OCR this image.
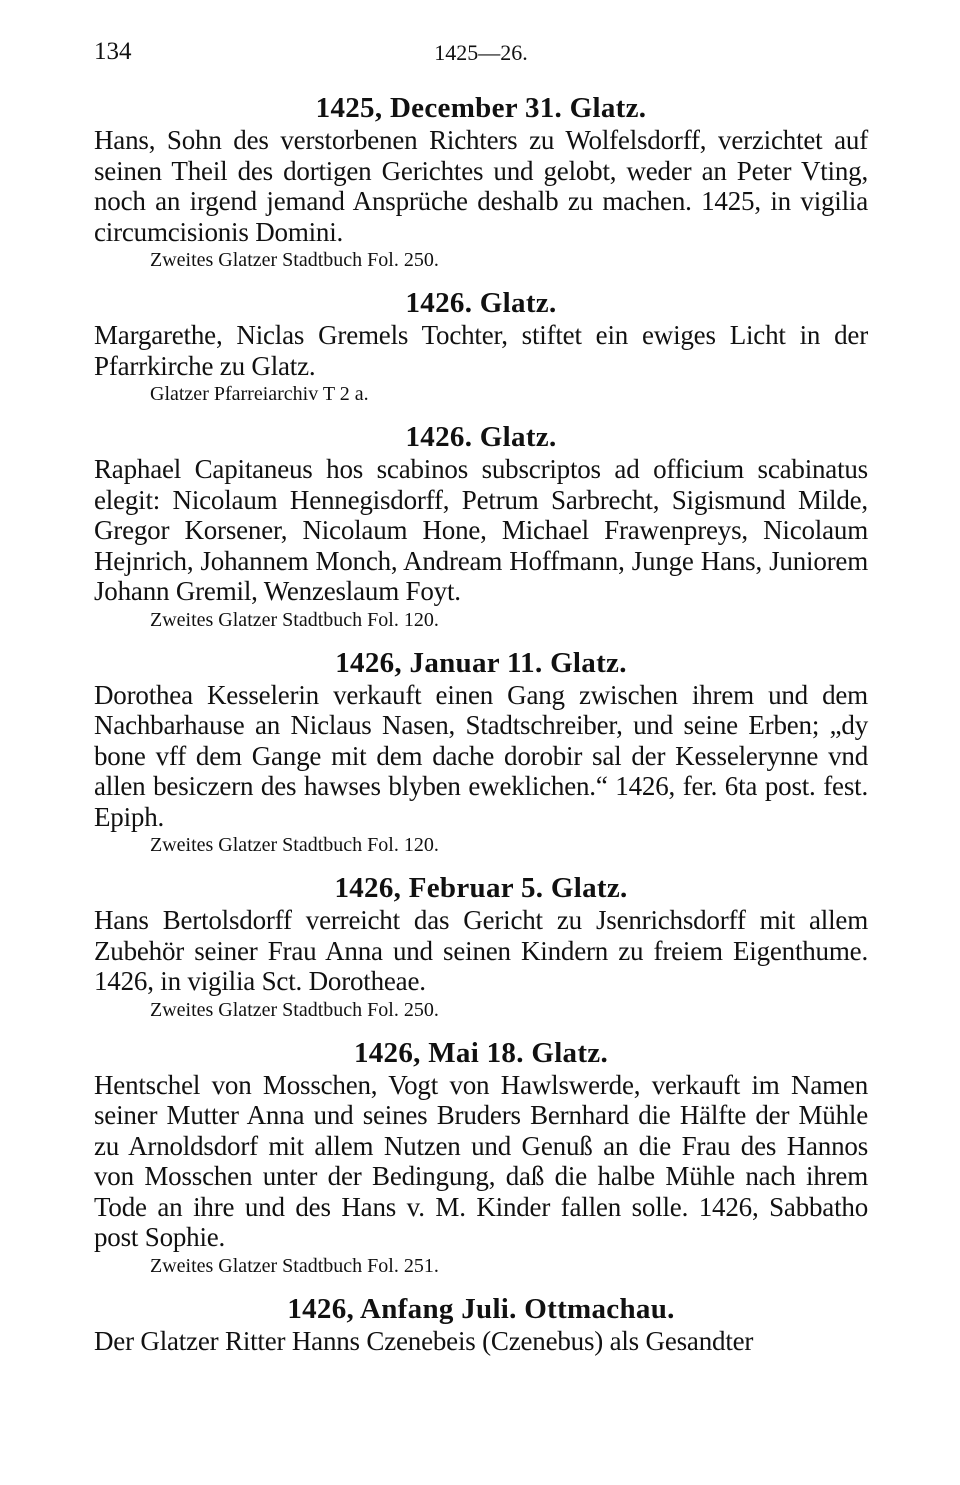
134	1425—26.
1425, December 31. Glatz.

Hans, Sohn des verstorbenen Richters zu Wolfelsdorff, verzichtet auf seinen Theil des dortigen Gerichtes und gelobt, weder an Peter Vting, noch an irgend jemand Ansprüche deshalb zu machen. 1425, in vigilia circumcisionis Domini.

Zweites Glatzer Stadtbuch Fol. 250.
1426. Glatz.

Margarethe, Niclas Gremels Tochter, stiftet ein ewiges Licht in der Pfarrkirche zu Glatz.

Glatzer Pfarreiarchiv T 2 a.
1426. Glatz.

Raphael Capitaneus hos scabinos subscriptos ad officium scabinatus elegit: Nicolaum Hennegisdorff, Petrum Sarbrecht, Sigismund Milde, Gregor Korsener, Nicolaum Hone, Michael Frawenpreys, Nicolaum Hejnrich, Johannem Monch, Andream Hoffmann, Junge Hans, Juniorem Johann Gremil, Wenzeslaum Foyt.

Zweites Glatzer Stadtbuch Fol. 120.
1426, Januar 11. Glatz.

Dorothea Kesselerin verkauft einen Gang zwischen ihrem und dem Nachbarhause an Niclaus Nasen, Stadtschreiber, und seine Erben; „dy bone vff dem Gange mit dem dache dorobir sal der Kesselerynne vnd allen besiczern des hawses blyben eweklichen.“ 1426, fer. 6ta post. fest. Epiph.

Zweites Glatzer Stadtbuch Fol. 120.
1426, Februar 5. Glatz.

Hans Bertolsdorff verreicht das Gericht zu Jsenrichsdorff mit allem Zubehör seiner Frau Anna und seinen Kindern zu freiem Eigenthume. 1426, in vigilia Sct. Dorotheae.

Zweites Glatzer Stadtbuch Fol. 250.
1426, Mai 18. Glatz.

Hentschel von Mosschen, Vogt von Hawlswerde, verkauft im Namen seiner Mutter Anna und seines Bruders Bernhard die Hälfte der Mühle zu Arnoldsdorf mit allem Nutzen und Genuß an die Frau des Hannos von Mosschen unter der Bedingung, daß die halbe Mühle nach ihrem Tode an ihre und des Hans v. M. Kinder fallen solle. 1426, Sabbatho post Sophie.

Zweites Glatzer Stadtbuch Fol. 251.
1426, Anfang Juli. Ottmachau.

Der Glatzer Ritter Hanns Czenebeis (Czenebus) als Gesandter
